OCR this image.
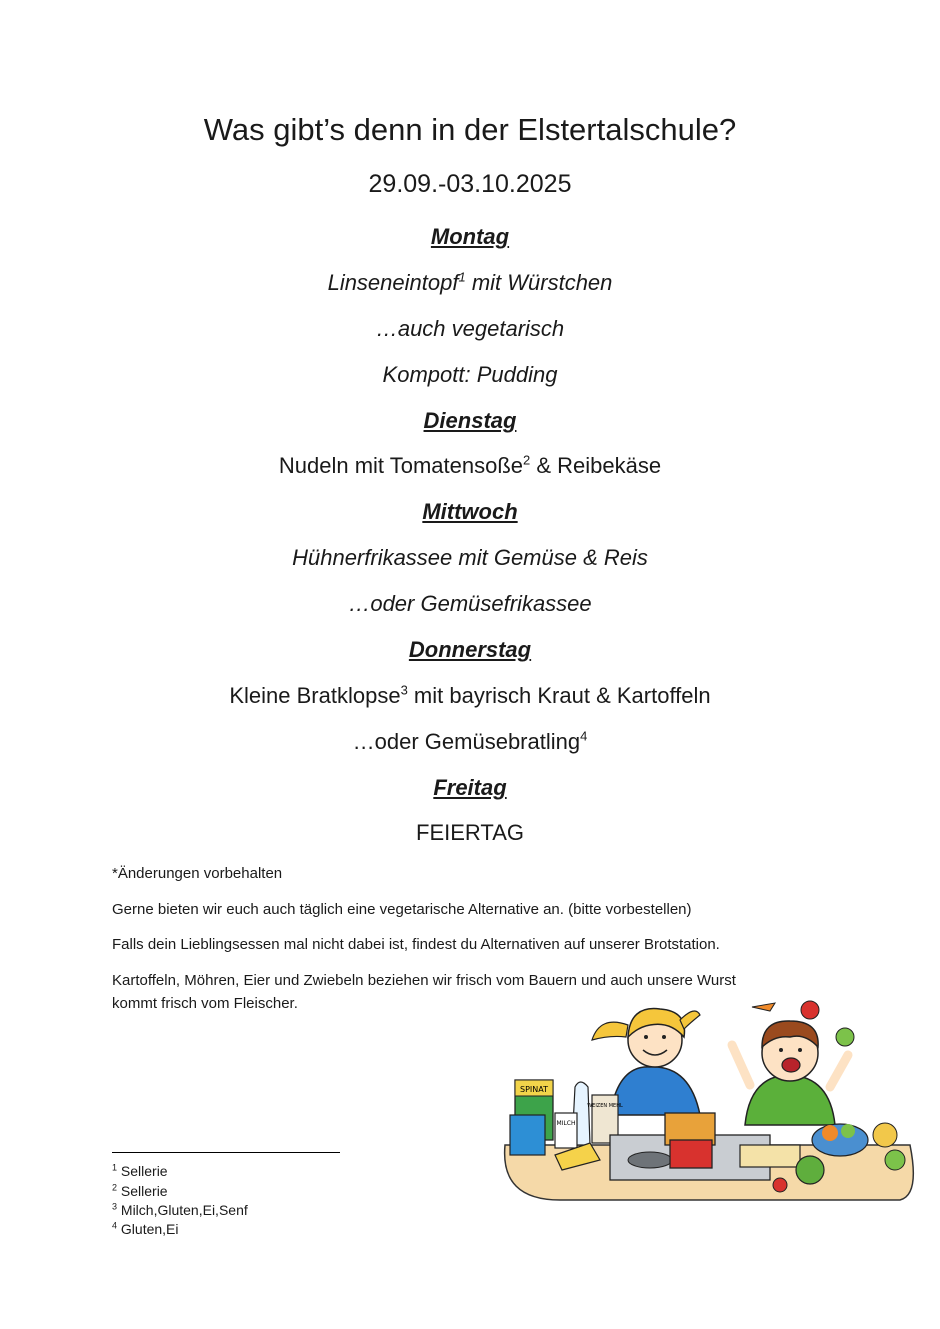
Was gibt’s denn in der Elstertalschule?
29.09.-03.10.2025
Montag
Linseneintopf$^1$ mit Würstchen
…auch vegetarisch
Kompott: Pudding
Dienstag
Nudeln mit Tomatensoße$^2$ & Reibekäse
Mittwoch
Hühnerfrikassee mit Gemüse & Reis
…oder Gemüsefrikassee
Donnerstag
Kleine Bratklopse$^3$ mit bayrisch Kraut & Kartoffeln
…oder Gemüsebratling$^4$
Freitag
FEIERTAG
*Änderungen vorbehalten
Gerne bieten wir euch auch täglich eine vegetarische Alternative an. (bitte vorbestellen)
Falls dein Lieblingsessen mal nicht dabei ist, findest du Alternativen auf unserer Brotstation.
Kartoffeln, Möhren, Eier und Zwiebeln beziehen wir frisch vom Bauern und auch unsere Wurst
kommt frisch vom Fleischer.
$^1$ Sellerie
$^2$ Sellerie
$^3$ Milch,Gluten,Ei,Senf
$^4$ Gluten,Ei
SPINAT
MILCH
WEIZEN MEHL
